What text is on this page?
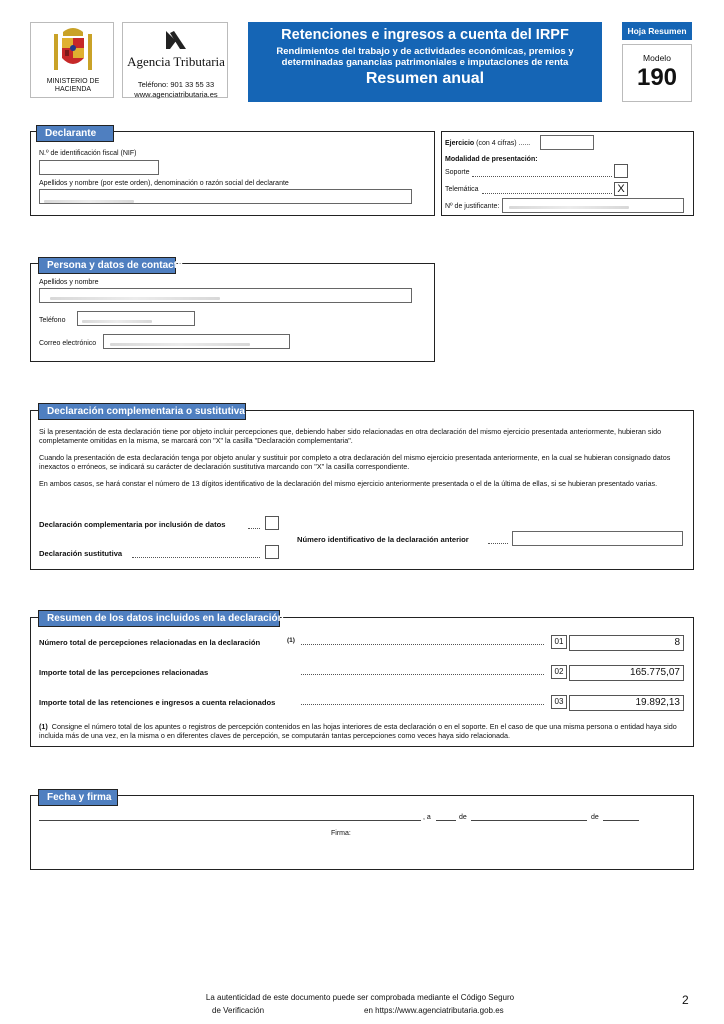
MINISTERIO DE HACIENDA
Agencia Tributaria
Teléfono: 901 33 55 33
www.agenciatributaria.es
Retenciones e ingresos a cuenta del IRPF
Rendimientos del trabajo y de actividades económicas, premios y
determinadas ganancias patrimoniales e imputaciones de renta
Resumen anual
Hoja Resumen
Modelo
190
N.º de identificación fiscal (NIF)
Apellidos y nombre (por este orden), denominación o razón social del declarante
Declarante
Ejercicio (con 4 cifras) ......
Modalidad de presentación:
Soporte
Telemática	X
Nº de justificante:
Apellidos y nombre
Teléfono
Correo electrónico
Persona y datos de contacto
Si la presentación de esta declaración tiene por objeto incluir percepciones que, debiendo haber sido relacionadas en otra declaración del mismo ejercicio presentada anteriormente, hubieran sido completamente omitidas en la misma, se marcará con "X" la casilla "Declaración complementaria".
Cuando la presentación de esta declaración tenga por objeto anular y sustituir por completo a otra declaración del mismo ejercicio presentada anteriormente, en la cual se hubieran consignado datos inexactos o erróneos, se indicará su carácter de declaración sustitutiva marcando con "X" la casilla correspondiente.
En ambos casos, se hará constar el número de 13 dígitos identificativo de la declaración del mismo ejercicio anteriormente presentada o el de la última de ellas, si se hubieran presentado varias.
Declaración complementaria por inclusión de datos
Declaración sustitutiva
Número identificativo de la declaración anterior
Declaración complementaria o sustitutiva
Número total de percepciones relacionadas en la declaración	(1)	01	8
Importe total de las percepciones relacionadas	02	165.775,07
Importe total de las retenciones e ingresos a cuenta relacionados	03	19.892,13
(1) Consigne el número total de los apuntes o registros de percepción contenidos en las hojas interiores de esta declaración o en el soporte. En el caso de que una misma persona o entidad haya sido incluida más de una vez, en la misma o en diferentes claves de percepción, se computarán tantas percepciones como veces haya sido relacionada.
Resumen de los datos incluidos en la declaración
, a	de	de
Firma:
Fecha y firma
La autenticidad de este documento puede ser comprobada mediante el Código Seguro
de Verificación	en https://www.agenciatributaria.gob.es
2
